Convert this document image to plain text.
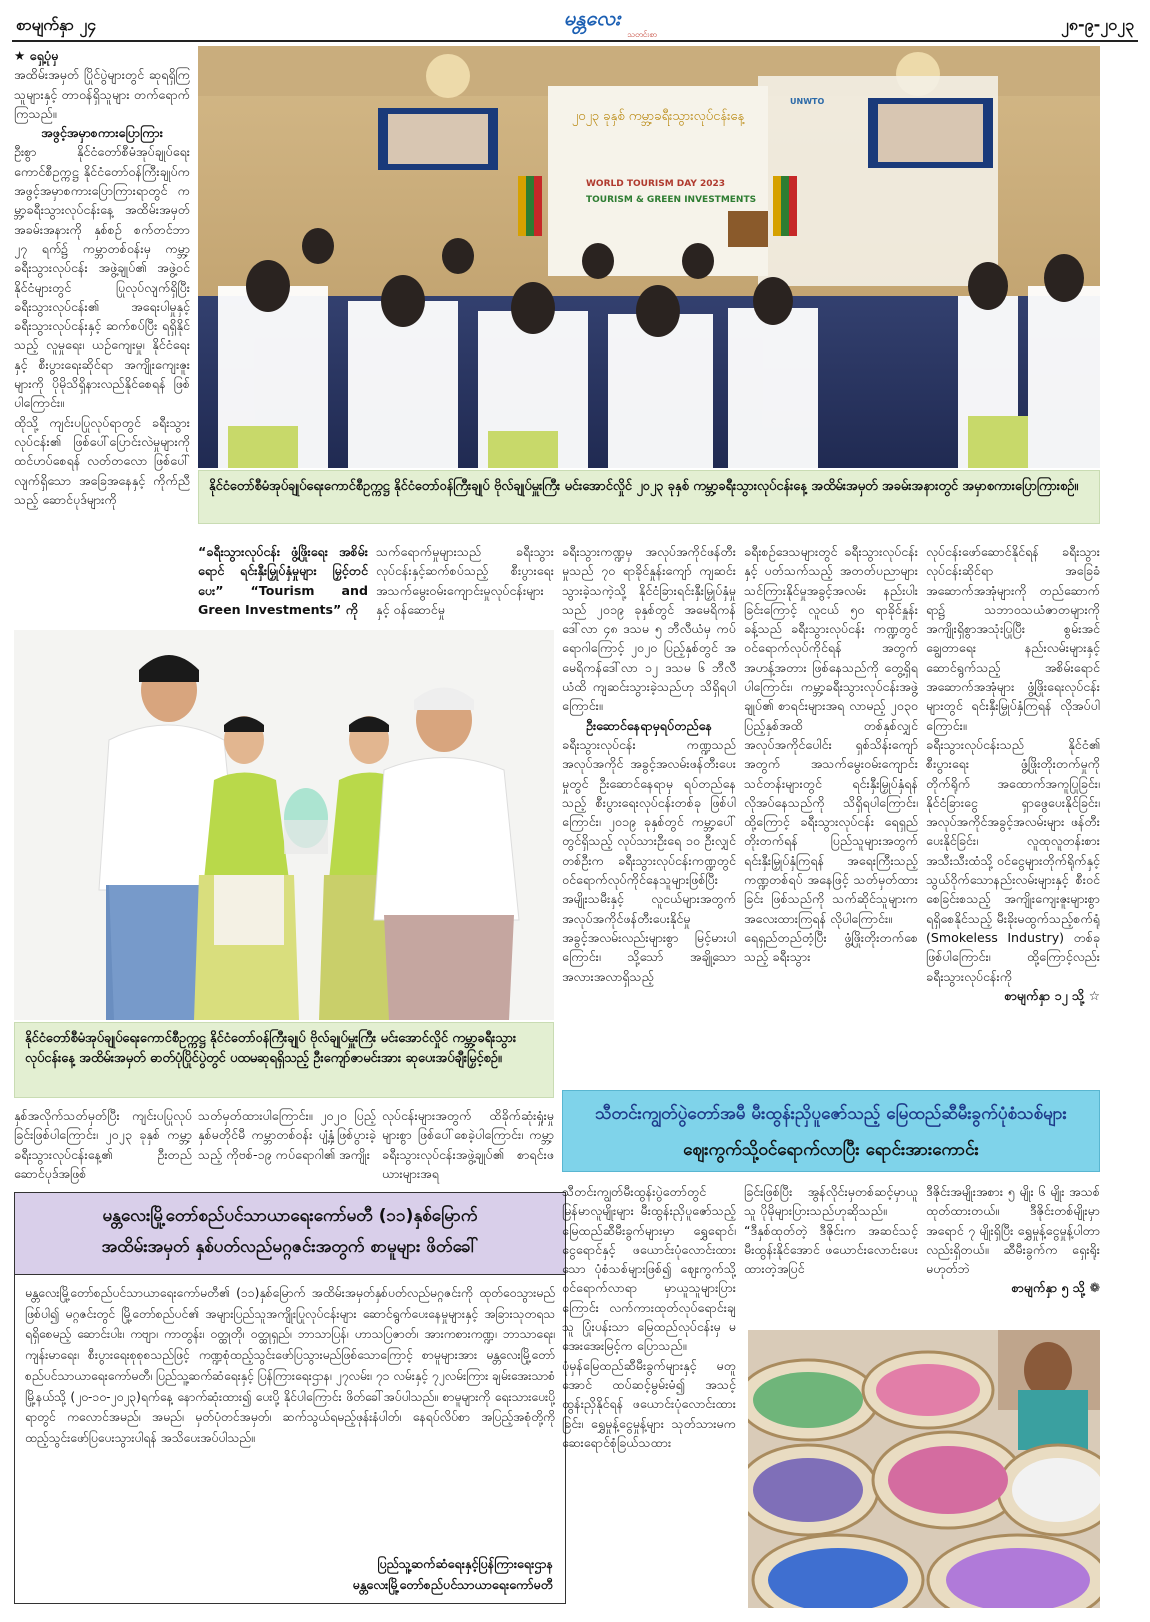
စာမျက်နှာ ၂၄	မန္တလေး
သတင်းစာ
၂၈-၉-၂၀၂၃

★ ရှေ့ပုံမှ

အထိမ်းအမှတ် ပြိုင်ပွဲများတွင် ဆုရရှိကြသူများနှင့် တာဝန်ရှိသူများ တက်ရောက်ကြသည်။

အဖွင့်အမှာစကားပြောကြား

ဦးစွာ နိုင်ငံတော်စီမံအုပ်ချုပ်ရေးကောင်စီဥက္ကဋ္ဌ နိုင်ငံတော်ဝန်ကြီးချုပ်က အဖွင့်အမှာစကားပြောကြားရာတွင် ကမ္ဘာ့ခရီးသွားလုပ်ငန်းနေ့ အထိမ်းအမှတ်အခမ်းအနားကို နှစ်စဉ် စက်တင်ဘာ ၂၇ ရက်၌ ကမ္ဘာတစ်ဝန်းမှ ကမ္ဘာ့ခရီးသွားလုပ်ငန်း အဖွဲ့ချုပ်၏ အဖွဲ့ဝင်နိုင်ငံများတွင် ပြုလုပ်လျက်ရှိပြီး ခရီးသွားလုပ်ငန်း၏ အရေးပါမှုနှင့် ခရီးသွားလုပ်ငန်းနှင့် ဆက်စပ်ပြီး ရရှိနိုင်သည့် လူမှုရေး၊ ယဉ်ကျေးမှု၊ နိုင်ငံရေးနှင့် စီးပွားရေးဆိုင်ရာ အကျိုးကျေးဇူးများကို ပိုမိုသိရှိနားလည်နိုင်စေရန် ဖြစ်ပါကြောင်း။

ထိုသို့ ကျင်းပပြုလုပ်ရာတွင် ခရီးသွားလုပ်ငန်း၏ ဖြစ်ပေါ်ပြောင်းလဲမှုများကို ထင်ဟပ်စေရန် လတ်တလော ဖြစ်ပေါ်လျက်ရှိသော အခြေအနေနှင့် ကိုက်ညီသည့် ဆောင်ပုဒ်များကို

၂၀၂၃ ခုနှစ် ကမ္ဘာ့ခရီးသွားလုပ်ငန်းနေ့
UNWTO
WORLD TOURISM DAY 2023
TOURISM & GREEN INVESTMENTS
နိုင်ငံတော်စီမံအုပ်ချုပ်ရေးကောင်စီဥက္ကဋ္ဌ နိုင်ငံတော်ဝန်ကြီးချုပ် ဗိုလ်ချုပ်မှူးကြီး မင်းအောင်လှိုင် ၂၀၂၃ ခုနှစ် ကမ္ဘာ့ခရီးသွားလုပ်ငန်းနေ့ အထိမ်းအမှတ် အခမ်းအနားတွင် အမှာစကားပြောကြားစဉ်။
“ခရီးသွားလုပ်ငန်း ဖွံ့ဖြိုးရေး အစိမ်းရောင် ရင်းနှီးမြှုပ်နှံမှုများ မြှင့်တင်ပေး” “Tourism and Green Investments” ကို
သက်ရောက်မှုများသည် ခရီးသွားလုပ်ငန်းနှင့်ဆက်စပ်သည့် စီးပွားရေး အသက်မွေးဝမ်းကျောင်းမှုလုပ်ငန်းများနှင့် ဝန်ဆောင်မှု
နိုင်ငံတော်စီမံအုပ်ချုပ်ရေးကောင်စီဥက္ကဋ္ဌ နိုင်ငံတော်ဝန်ကြီးချုပ် ဗိုလ်ချုပ်မှူးကြီး မင်းအောင်လှိုင် ကမ္ဘာ့ခရီးသွားလုပ်ငန်းနေ့ အထိမ်းအမှတ် ဓာတ်ပုံပြိုင်ပွဲတွင် ပထမဆုရရှိသည့် ဦးကျော်ဇာမင်းအား ဆုပေးအပ်ချီးမြှင့်စဉ်။

ခရီးသွားကဏ္ဍမှ အလုပ်အကိုင်ဖန်တီးမှုသည် ၇၀ ရာခိုင်နှုန်းကျော် ကျဆင်းသွားခဲ့သကဲ့သို့ နိုင်ငံခြားရင်းနှီးမြှုပ်နှံမှုသည် ၂၀၁၉ ခုနှစ်တွင် အမေရိကန်ဒေါ်လာ ၄၈ ဒသမ ၅ ဘီလီယံမှ ကပ်ရောဂါကြောင့် ၂၀၂၀ ပြည့်နှစ်တွင် အမေရိကန်ဒေါ်လာ ၁၂ ဒသမ ၆ ဘီလီယံထိ ကျဆင်းသွားခဲ့သည်ဟု သိရှိရပါကြောင်း။

ဦးဆောင်နေရာမှရပ်တည်နေ

ခရီးသွားလုပ်ငန်း ကဏ္ဍသည် အလုပ်အကိုင် အခွင့်အလမ်းဖန်တီးပေးမှုတွင် ဦးဆောင်နေရာမှ ရပ်တည်နေသည့် စီးပွားရေးလုပ်ငန်းတစ်ခု ဖြစ်ပါကြောင်း၊ ၂၀၁၉ ခုနှစ်တွင် ကမ္ဘာ့ပေါ်တွင်ရှိသည့် လုပ်သားဦးရေ ၁၀ ဦးလျှင် တစ်ဦးက ခရီးသွားလုပ်ငန်းကဏ္ဍတွင် ဝင်ရောက်လုပ်ကိုင်နေသူများဖြစ်ပြီး အမျိုးသမီးနှင့် လူငယ်များအတွက် အလုပ်အကိုင်ဖန်တီးပေးနိုင်မှု အခွင့်အလမ်းလည်းများစွာ မြင့်မားပါကြောင်း၊ သို့သော် အချို့သော အလားအလာရှိသည့်

ခရီးစဉ်ဒေသများတွင် ခရီးသွားလုပ်ငန်းနှင့် ပတ်သက်သည့် အတတ်ပညာများ သင်ကြားနိုင်မှုအခွင့်အလမ်း နည်းပါးခြင်းကြောင့် လူငယ် ၅၀ ရာခိုင်နှုန်းခန့်သည် ခရီးသွားလုပ်ငန်း ကဏ္ဍတွင် ဝင်ရောက်လုပ်ကိုင်ရန် အတွက် အဟန့်အတား ဖြစ်နေသည်ကို တွေ့ရှိရပါကြောင်း၊ ကမ္ဘာ့ခရီးသွားလုပ်ငန်းအဖွဲ့ချုပ်၏ စာရင်းများအရ လာမည့် ၂၀၃၀ ပြည့်နှစ်အထိ တစ်နှစ်လျှင် အလုပ်အကိုင်ပေါင်း ရှစ်သိန်းကျော်အတွက် အသက်မွေးဝမ်းကျောင်း သင်တန်းများတွင် ရင်းနှီးမြှုပ်နှံရန် လိုအပ်နေသည်ကို သိရှိရပါကြောင်း၊ ထို့ကြောင့် ခရီးသွားလုပ်ငန်း ရေရှည်တိုးတက်ရန် ပြည်သူများအတွက် ရင်းနှီးမြှုပ်နှံကြရန် အရေးကြီးသည့် ကဏ္ဍတစ်ရပ် အနေဖြင့် သတ်မှတ်ထားခြင်း ဖြစ်သည်ကို သက်ဆိုင်သူများက အလေးထားကြရန် လိုပါကြောင်း။

ရေရှည်တည်တံ့ပြီး ဖွံ့ဖြိုးတိုးတက်စေသည့် ခရီးသွား

လုပ်ငန်းဖော်ဆောင်နိုင်ရန် ခရီးသွားလုပ်ငန်းဆိုင်ရာ အခြေခံ အဆောက်အအုံများကို တည်ဆောက်ရာ၌ သဘာဝသယံဇာတများကို အကျိုးရှိစွာအသုံးပြုပြီး စွမ်းအင်ချွေတာရေး နည်းလမ်းများနှင့် ဆောင်ရွက်သည့် အစိမ်းရောင်အဆောက်အအုံများ ဖွံ့ဖြိုးရေးလုပ်ငန်းများတွင် ရင်းနှီးမြှုပ်နှံကြရန် လိုအပ်ပါကြောင်း။

ခရီးသွားလုပ်ငန်းသည် နိုင်ငံ၏ စီးပွားရေး ဖွံ့ဖြိုးတိုးတက်မှုကို တိုက်ရိုက် အထောက်အကူပြုခြင်း၊ နိုင်ငံခြားငွေ ရှာဖွေပေးနိုင်ခြင်း၊ အလုပ်အကိုင်အခွင့်အလမ်းများ ဖန်တီးပေးနိုင်ခြင်း၊ လူထုလူတန်းစား အသီးသီးထံသို့ ဝင်ငွေများတိုက်ရိုက်နှင့် သွယ်ဝိုက်သောနည်းလမ်းများနှင့် စီးဝင်စေခြင်းစသည့် အကျိုးကျေးဇူးများစွာရရှိစေနိုင်သည့် မီးခိုးမထွက်သည့်စက်ရုံ (Smokeless Industry) တစ်ခုဖြစ်ပါကြောင်း၊ ထို့ကြောင့်လည်း ခရီးသွားလုပ်ငန်းကို

စာမျက်နှာ ၁၂ သို့ ☆

နှစ်အလိုက်သတ်မှတ်ပြီး ကျင်းပပြုလုပ်ခြင်းဖြစ်ပါကြောင်း၊ ၂၀၂၃ ခုနှစ် ကမ္ဘာ့ခရီးသွားလုပ်ငန်းနေ့၏ ဦးတည်ဆောင်ပုဒ်အဖြစ်
သတ်မှတ်ထားပါကြောင်း။ ၂၀၂၀ ပြည့်နှစ်မတိုင်မီ ကမ္ဘာတစ်ဝန်း ပျံ့နှံ့ဖြစ်ပွားခဲ့သည့် ကိုဗစ်-၁၉ ကပ်ရောဂါ၏ အကျိုး
လုပ်ငန်းများအတွက် ထိခိုက်ဆုံးရှုံးမှုများစွာ ဖြစ်ပေါ်စေခဲ့ပါကြောင်း၊ ကမ္ဘာ့ခရီးသွားလုပ်ငန်းအဖွဲ့ချုပ်၏ စာရင်းဖယားများအရ
မန္တလေးမြို့တော်စည်ပင်သာယာရေးကော်မတီ (၁၁)နှစ်မြောက်
အထိမ်းအမှတ် နှစ်ပတ်လည်မဂ္ဂဇင်းအတွက် စာမူများ ဖိတ်ခေါ်
မန္တလေးမြို့တော်စည်ပင်သာယာရေးကော်မတီ၏ (၁၁)နှစ်မြောက် အထိမ်းအမှတ်နှစ်ပတ်လည်မဂ္ဂဇင်းကို ထုတ်ဝေသွားမည်ဖြစ်ပါ၍ မဂ္ဂဇင်းတွင် မြို့တော်စည်ပင်၏ အများပြည်သူအကျိုးပြုလုပ်ငန်းများ ဆောင်ရွက်ပေးနေမှုများနှင့် အခြားသုတရသရရှိစေမည့် ဆောင်းပါး၊ ကဗျာ၊ ကာတွန်း၊ ဝတ္ထုတို၊ ဝတ္ထုရှည်၊ ဘာသာပြန်၊ ဟာသပြဇာတ်၊ အားကစားကဏ္ဍ၊ ဘာသာရေး၊ ကျန်းမာရေး၊ စီးပွားရေးစုစုစသည်ဖြင့် ကဏ္ဍစုံထည့်သွင်းဖော်ပြသွားမည်ဖြစ်သောကြောင့် စာမူများအား မန္တလေးမြို့တော်စည်ပင်သာယာရေးကော်မတီ၊ ပြည်သူ့ဆက်ဆံရေးနှင့် ပြန်ကြားရေးဌာန၊ ၂၇လမ်း၊ ၇၁ လမ်းနှင့် ၇၂လမ်းကြား ချမ်းအေးသာစံမြို့နယ်သို့ (၂၀-၁၀-၂၀၂၃)ရက်နေ့ နောက်ဆုံးထား၍ ပေးပို့ နိုင်ပါကြောင်း ဖိတ်ခေါ်အပ်ပါသည်။ စာမူများကို ရေးသားပေးပို့ရာတွင် ကလောင်အမည်၊ အမည်၊ မှတ်ပုံတင်အမှတ်၊ ဆက်သွယ်ရမည့်ဖုန်းနံပါတ်၊ နေရပ်လိပ်စာ အပြည့်အစုံတို့ကို ထည့်သွင်းဖော်ပြပေးသွားပါရန် အသိပေးအပ်ပါသည်။
ပြည်သူ့ဆက်ဆံရေးနှင့်ပြန်ကြားရေးဌာန
မန္တလေးမြို့တော်စည်ပင်သာယာရေးကော်မတီ
သီတင်းကျွတ်ပွဲတော်အမီ မီးထွန်းညှိပူဇော်သည့် မြေထည်ဆီမီးခွက်ပုံစံသစ်များ
ဈေးကွက်သို့ဝင်ရောက်လာပြီး ရောင်းအားကောင်း

သီတင်းကျွတ်မီးထွန်းပွဲတော်တွင် မြန်မာလူမျိုးများ မီးထွန်းညှိပူဇော်သည့် မြေထည်ဆီမီးခွက်များမှာ ရွှေရောင်၊ ငွေရောင်နှင့် ဖယောင်းပုံလောင်းထားသော ပုံစံသစ်များဖြစ်၍ ဈေးကွက်သို့ဝင်ရောက်လာရာ မှာယူသူများပြားကြောင်း လက်ကားထုတ်လုပ်ရောင်းချသူ ပြုံးပန်းသာ မြေထည်လုပ်ငန်းမှ မအေးအေးမြင့်က ပြောသည်။

ပုံမှန်မြေထည်ဆီမီးခွက်များနှင့် မတူအောင် ထပ်ဆင့်မွမ်းမံ၍ အသင့်ထွန်းညှိနိုင်ရန် ဖယောင်းပုံလောင်းထားခြင်း၊ ရွှေမှုန့်ငွေမှုန့်များ သုတ်သားမက ဆေးရောင်စုံခြယ်သထား

ခြင်းဖြစ်ပြီး အွန်လိုင်းမှတစ်ဆင့်မှာယူသူ ပိုမိုများပြားသည်ဟုဆိုသည်။

“ဒီနှစ်ထုတ်တဲ့ ဒီဇိုင်းက အဆင်သင့် မီးထွန်းနိုင်အောင် ဖယောင်းလောင်းပေးထားတဲ့အပြင်

ဒီဇိုင်းအမျိုးအစား ၅ မျိုး ၆ မျိုး အသစ်ထုတ်ထားတယ်။ ဒီဇိုင်းတစ်မျိုးမှာ အရောင် ၇ မျိုးရှိပြီး ရွှေမှုန့်ငွေမှုန့်ပါတာလည်းရှိတယ်။ ဆီမီးခွက်က ရှေးရိုးမဟုတ်ဘဲ

စာမျက်နှာ ၅ သို့ ❁
